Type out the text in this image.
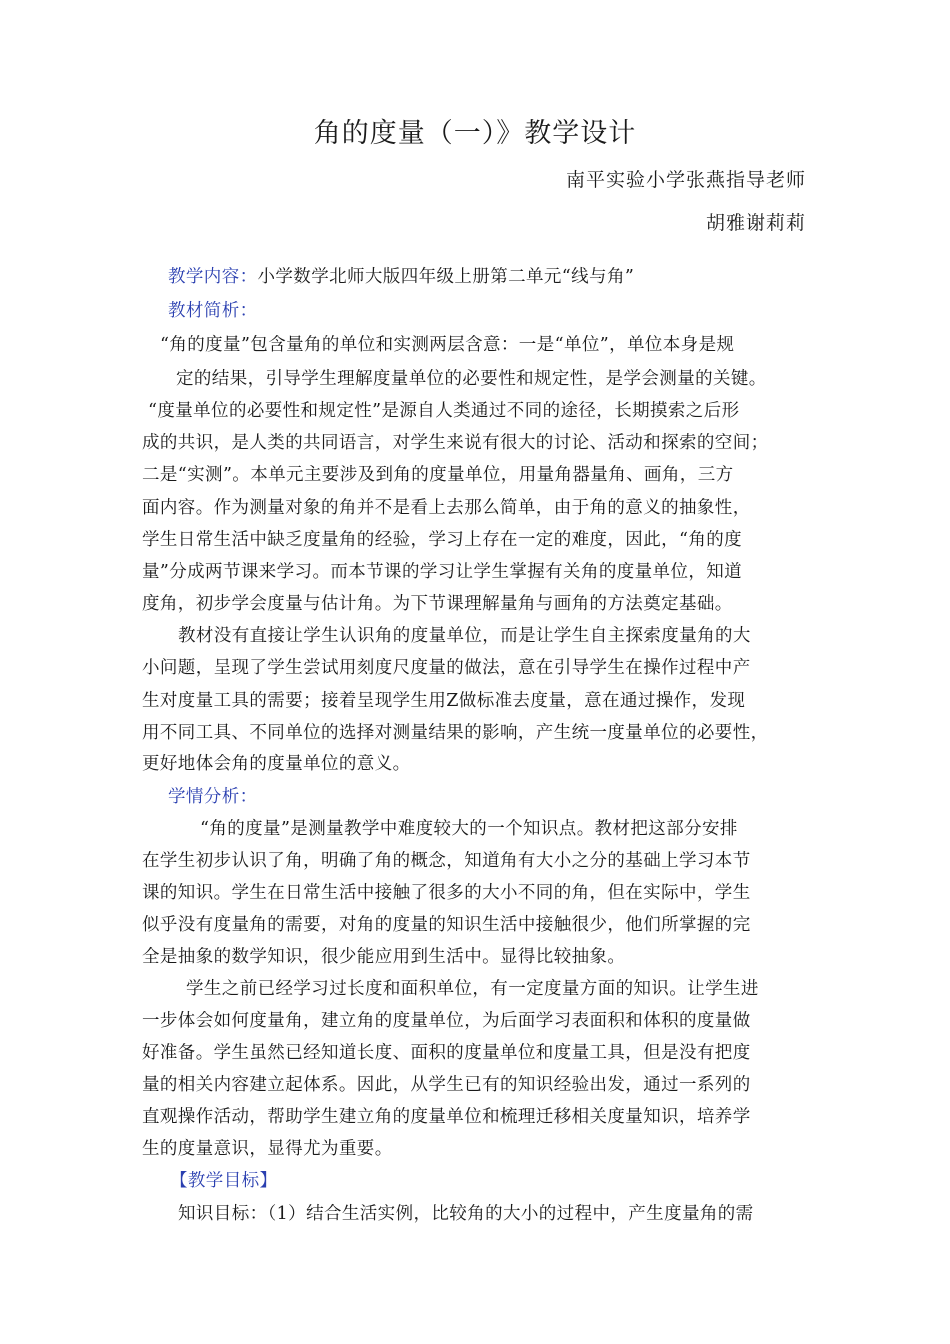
角的度量（一）》教学设计
南平实验小学张燕指导老师
胡雅谢莉莉
教学内容：小学数学北师大版四年级上册第二单元“线与角”
教材简析：
“角的度量”包含量角的单位和实测两层含意：一是“单位”，单位本身是规
定的结果，引导学生理解度量单位的必要性和规定性，是学会测量的关键。
“度量单位的必要性和规定性”是源自人类通过不同的途径，长期摸索之后形
成的共识，是人类的共同语言，对学生来说有很大的讨论、活动和探索的空间；
二是“实测”。本单元主要涉及到角的度量单位，用量角器量角、画角，三方
面内容。作为测量对象的角并不是看上去那么简单，由于角的意义的抽象性，
学生日常生活中缺乏度量角的经验，学习上存在一定的难度，因此，“角的度
量”分成两节课来学习。而本节课的学习让学生掌握有关角的度量单位，知道
度角，初步学会度量与估计角。为下节课理解量角与画角的方法奠定基础。
教材没有直接让学生认识角的度量单位，而是让学生自主探索度量角的大
小问题，呈现了学生尝试用刻度尺度量的做法，意在引导学生在操作过程中产
生对度量工具的需要；接着呈现学生用Z做标准去度量，意在通过操作，发现
用不同工具、不同单位的选择对测量结果的影响，产生统一度量单位的必要性，
更好地体会角的度量单位的意义。
学情分析：
“角的度量”是测量教学中难度较大的一个知识点。教材把这部分安排
在学生初步认识了角，明确了角的概念，知道角有大小之分的基础上学习本节
课的知识。学生在日常生活中接触了很多的大小不同的角，但在实际中，学生
似乎没有度量角的需要，对角的度量的知识生活中接触很少，他们所掌握的完
全是抽象的数学知识，很少能应用到生活中。显得比较抽象。
学生之前已经学习过长度和面积单位，有一定度量方面的知识。让学生进
一步体会如何度量角，建立角的度量单位，为后面学习表面积和体积的度量做
好准备。学生虽然已经知道长度、面积的度量单位和度量工具，但是没有把度
量的相关内容建立起体系。因此，从学生已有的知识经验出发，通过一系列的
直观操作活动，帮助学生建立角的度量单位和梳理迁移相关度量知识，培养学
生的度量意识，显得尤为重要。
【教学目标】
知识目标：（1）结合生活实例，比较角的大小的过程中，产生度量角的需
